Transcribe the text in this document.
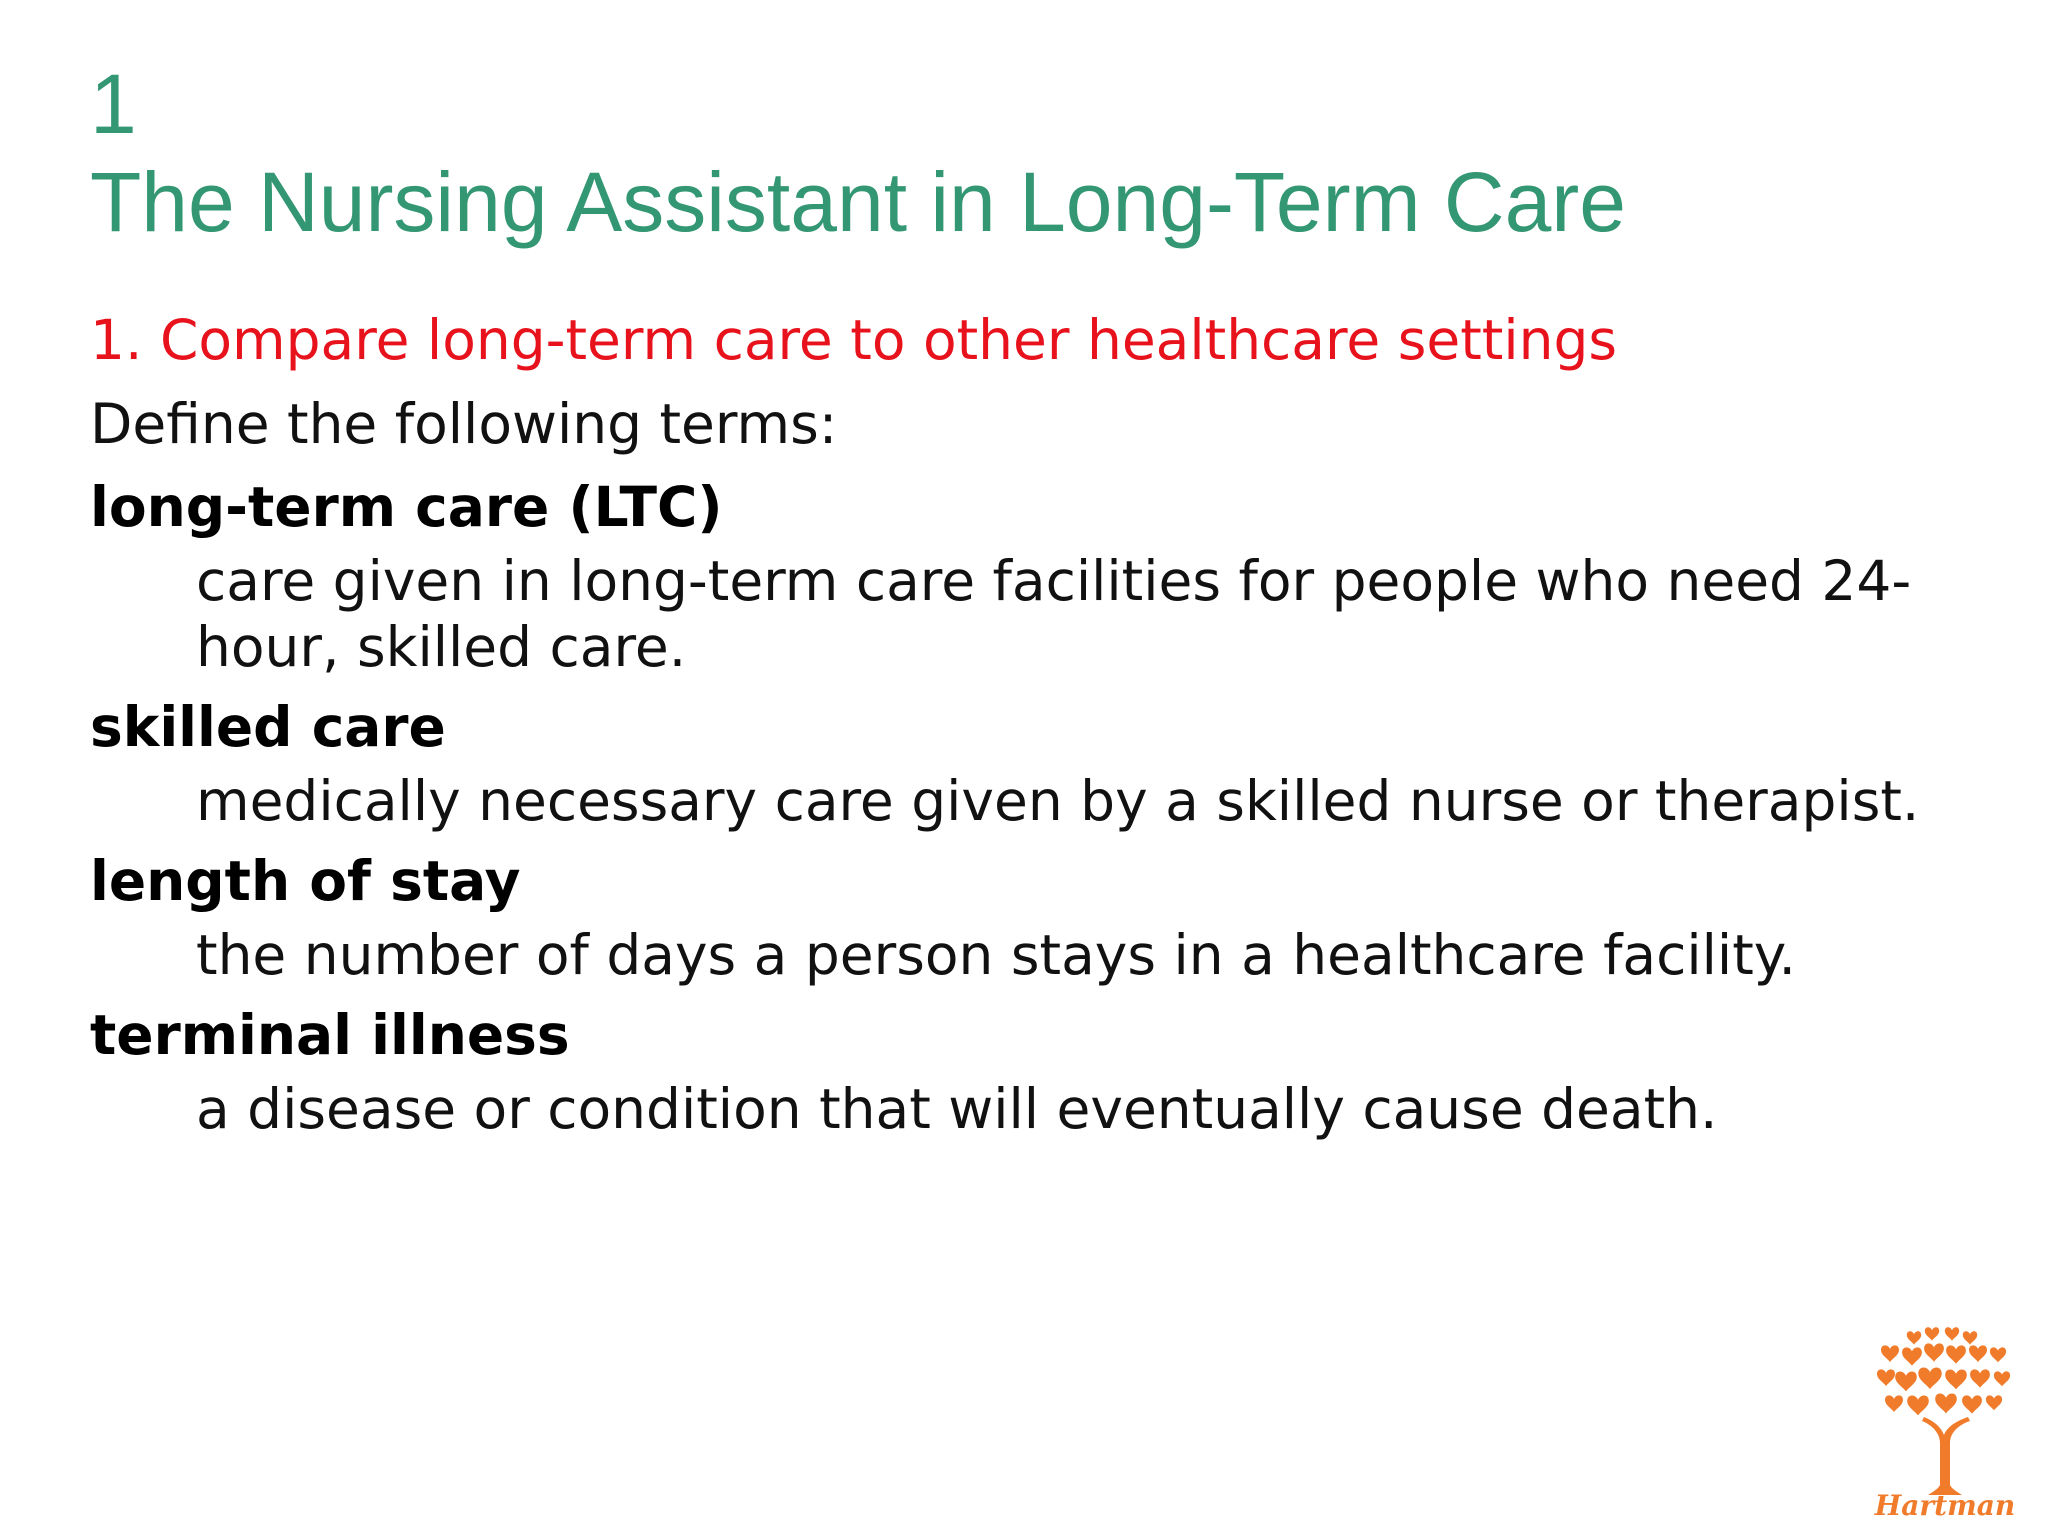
1
The Nursing Assistant in Long-Term Care

1. Compare long-term care to other healthcare settings

Define the following terms:

long-term care (LTC)

care given in long-term care facilities for people who need 24-hour, skilled care.

skilled care

medically necessary care given by a skilled nurse or therapist.

length of stay

the number of days a person stays in a healthcare facility.

terminal illness

a disease or condition that will eventually cause death.

Hartman
